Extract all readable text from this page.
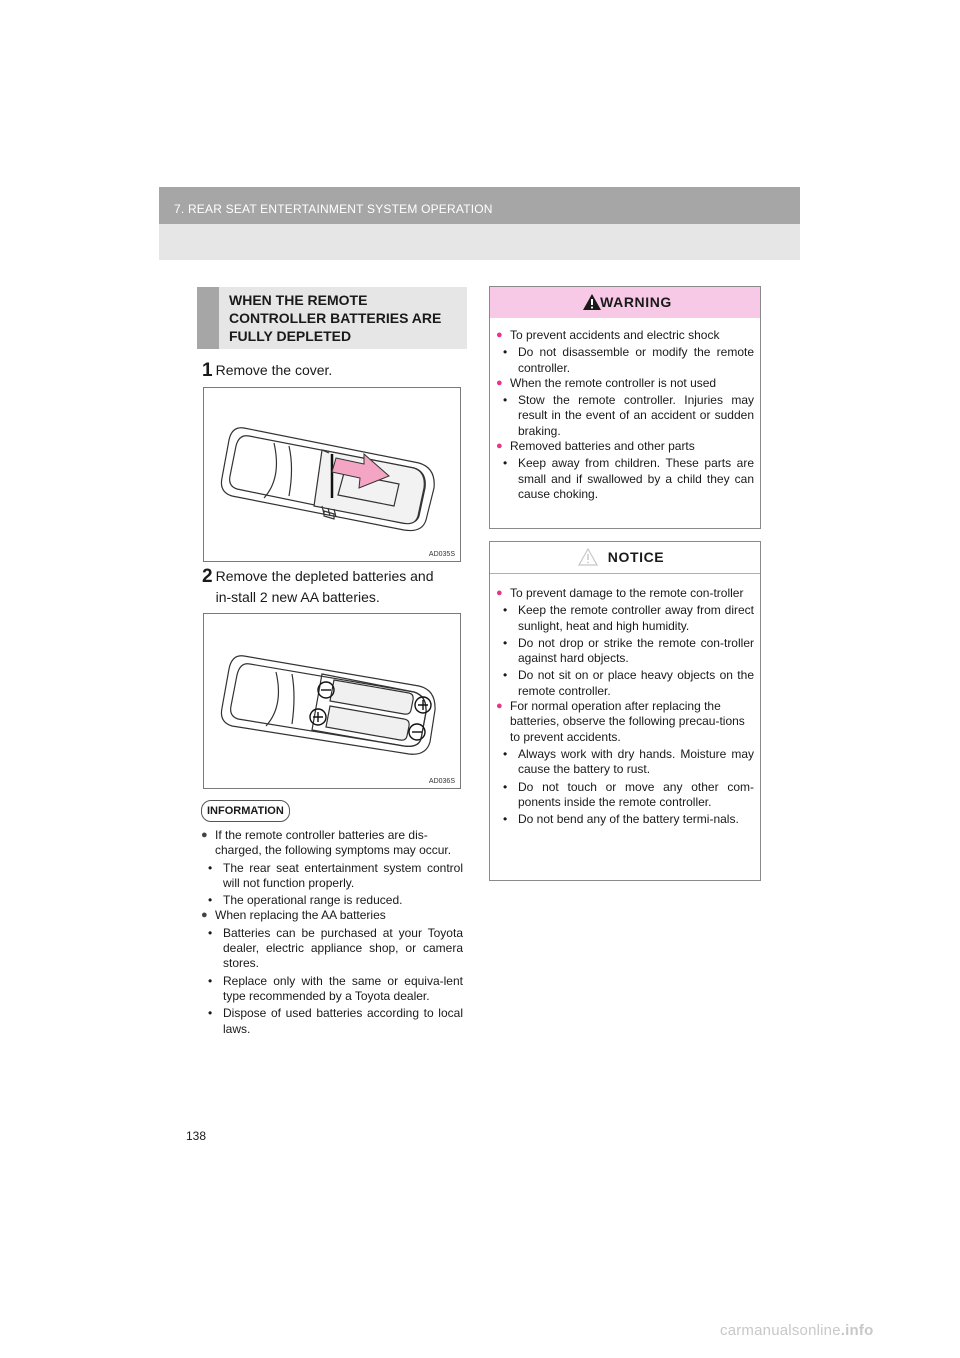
7. REAR SEAT ENTERTAINMENT SYSTEM OPERATION
WHEN THE REMOTE CONTROLLER BATTERIES ARE FULLY DEPLETED
1 Remove the cover.
AD035S
2 Remove the depleted batteries and in-stall 2 new AA batteries.
AD036S
INFORMATION
● If the remote controller batteries are dis-charged, the following symptoms may occur.
• The rear seat entertainment system control will not function properly.
• The operational range is reduced.
● When replacing the AA batteries
• Batteries can be purchased at your Toyota dealer, electric appliance shop, or camera stores.
• Replace only with the same or equiva-lent type recommended by a Toyota dealer.
• Dispose of used batteries according to local laws.
WARNING
● To prevent accidents and electric shock
• Do not disassemble or modify the remote controller.
● When the remote controller is not used
• Stow the remote controller. Injuries may result in the event of an accident or sudden braking.
● Removed batteries and other parts
• Keep away from children. These parts are small and if swallowed by a child they can cause choking.
NOTICE
● To prevent damage to the remote con-troller
• Keep the remote controller away from direct sunlight, heat and high humidity.
• Do not drop or strike the remote con-troller against hard objects.
• Do not sit on or place heavy objects on the remote controller.
● For normal operation after replacing the batteries, observe the following precau-tions to prevent accidents.
• Always work with dry hands. Moisture may cause the battery to rust.
• Do not touch or move any other com-ponents inside the remote controller.
• Do not bend any of the battery termi-nals.
138
carmanualsonline.info
